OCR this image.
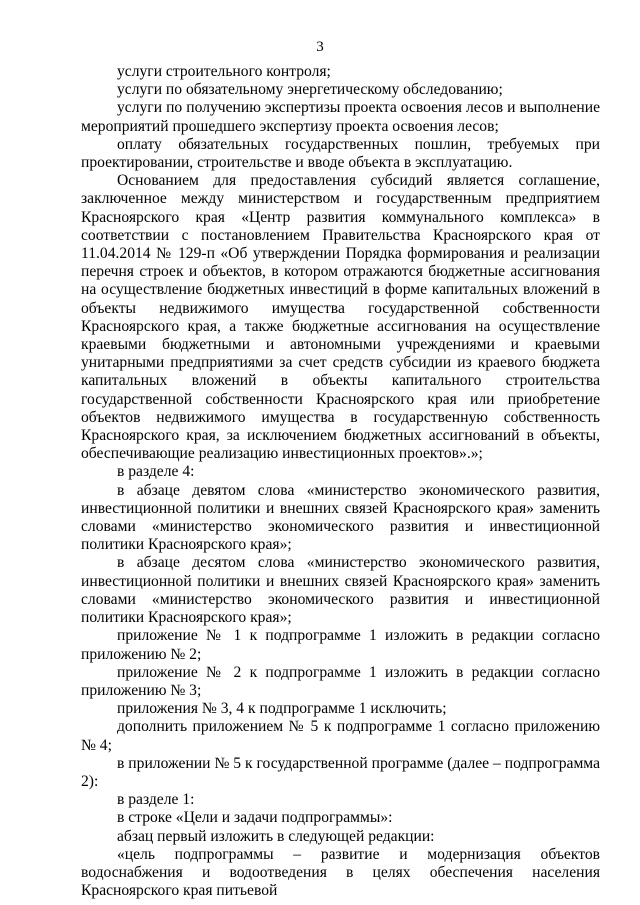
3

услуги строительного контроля;

услуги по обязательному энергетическому обследованию;

услуги по получению экспертизы проекта освоения лесов и выполнение мероприятий прошедшего экспертизу проекта освоения лесов;

оплату обязательных государственных пошлин, требуемых при проектировании, строительстве и вводе объекта в эксплуатацию.

Основанием для предоставления субсидий является соглашение, заключенное между министерством и государственным предприятием Красноярского края «Центр развития коммунального комплекса» в соответствии с постановлением Правительства Красноярского края от 11.04.2014 № 129-п «Об утверждении Порядка формирования и реализации перечня строек и объектов, в котором отражаются бюджетные ассигнования на осуществление бюджетных инвестиций в форме капитальных вложений в объекты недвижимого имущества государственной собственности Красноярского края, а также бюджетные ассигнования на осуществление краевыми бюджетными и автономными учреждениями и краевыми унитарными предприятиями за счет средств субсидии из краевого бюджета капитальных вложений в объекты капитального строительства государственной собственности Красноярского края или приобретение объектов недвижимого имущества в государственную собственность Красноярского края, за исключением бюджетных ассигнований в объекты, обеспечивающие реализацию инвестиционных проектов».»;

в разделе 4:

в абзаце девятом слова «министерство экономического развития, инвестиционной политики и внешних связей Красноярского края» заменить словами «министерство экономического развития и инвестиционной политики Красноярского края»;

в абзаце десятом слова «министерство экономического развития, инвестиционной политики и внешних связей Красноярского края» заменить словами «министерство экономического развития и инвестиционной политики Красноярского края»;

приложение № 1 к подпрограмме 1 изложить в редакции согласно приложению № 2;

приложение № 2 к подпрограмме 1 изложить в редакции согласно приложению № 3;

приложения № 3, 4 к подпрограмме 1 исключить;

дополнить приложением № 5 к подпрограмме 1 согласно приложению № 4;

в приложении № 5 к государственной программе (далее – подпрограмма 2):

в разделе 1:

в строке «Цели и задачи подпрограммы»:

абзац первый изложить в следующей редакции:

«цель подпрограммы – развитие и модернизация объектов водоснабжения и водоотведения в целях обеспечения населения Красноярского края питьевой
